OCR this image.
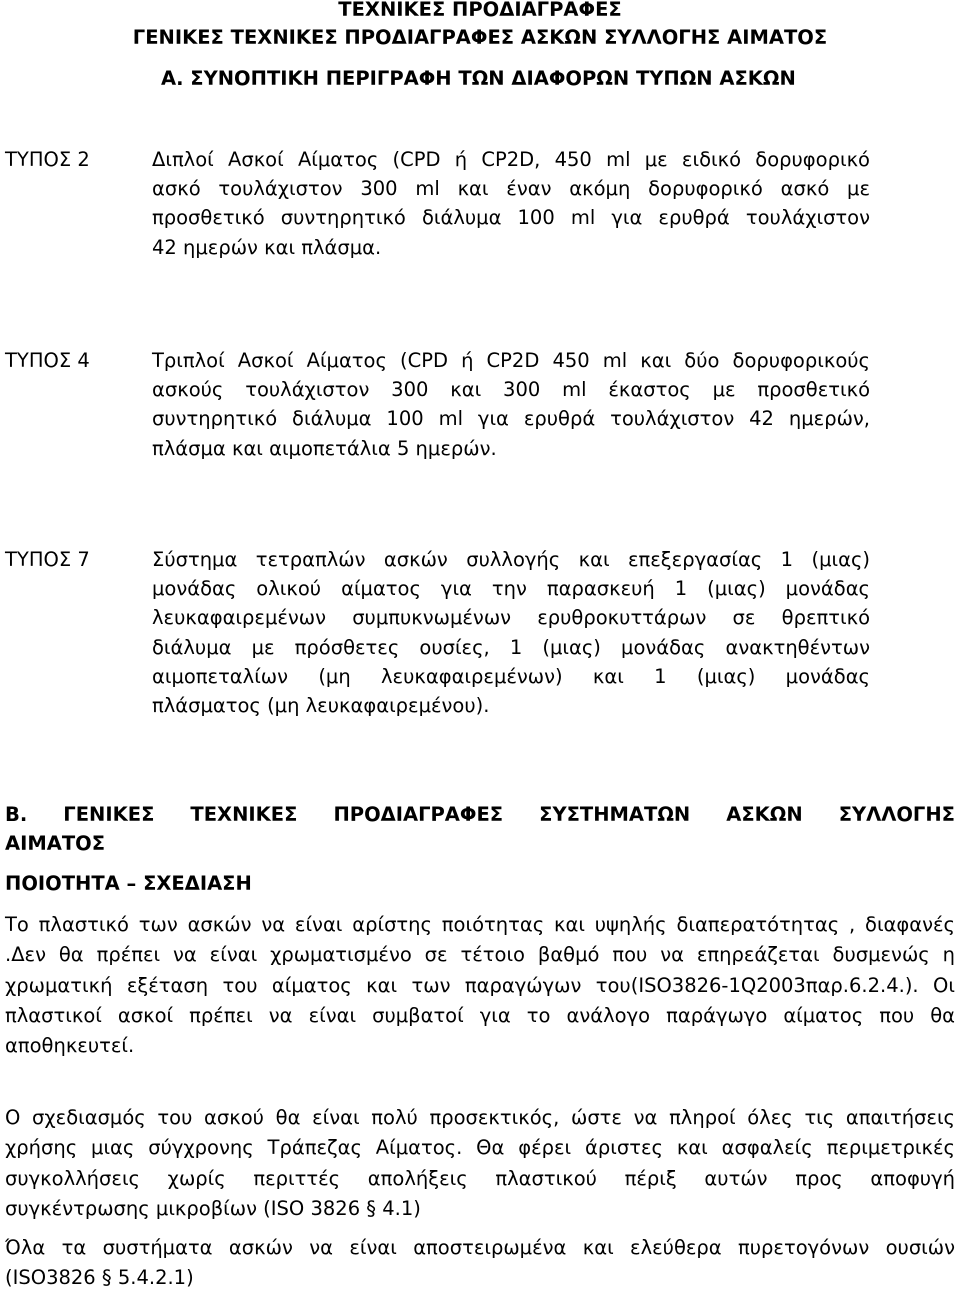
ΤΕΧΝΙΚΕΣ ΠΡΟΔΙΑΓΡΑΦΕΣ
ΓΕΝΙΚΕΣ ΤΕΧΝΙΚΕΣ ΠΡΟΔΙΑΓΡΑΦΕΣ ΑΣΚΩΝ ΣΥΛΛΟΓΗΣ ΑΙΜΑΤΟΣ
Α. ΣΥΝΟΠΤΙΚΗ ΠΕΡΙΓΡΑΦΗ ΤΩΝ ΔΙΑΦΟΡΩΝ ΤΥΠΩΝ ΑΣΚΩΝ
ΤΥΠΟΣ 2	Διπλοί Ασκοί Αίματος (CPD ή CP2D, 450 ml με ειδικό δορυφορικό
ασκό τουλάχιστον 300 ml και έναν ακόμη δορυφορικό ασκό με
προσθετικό συντηρητικό διάλυμα 100 ml για ερυθρά τουλάχιστον
42 ημερών και πλάσμα.
ΤΥΠΟΣ 4	Τριπλοί Ασκοί Αίματος (CPD ή CP2D 450 ml και δύο δορυφορικούς
ασκούς τουλάχιστον 300 και 300 ml έκαστος με προσθετικό
συντηρητικό διάλυμα 100 ml για ερυθρά τουλάχιστον 42 ημερών,
πλάσμα και αιμοπετάλια 5 ημερών.
ΤΥΠΟΣ 7	Σύστημα τετραπλών ασκών συλλογής και επεξεργασίας 1 (μιας)
μονάδας ολικού αίματος για την παρασκευή 1 (μιας) μονάδας
λευκαφαιρεμένων συμπυκνωμένων ερυθροκυττάρων σε θρεπτικό
διάλυμα με πρόσθετες ουσίες, 1 (μιας) μονάδας ανακτηθέντων
αιμοπεταλίων (μη λευκαφαιρεμένων) και 1 (μιας) μονάδας
πλάσματος (μη λευκαφαιρεμένου).
Β. ΓΕΝΙΚΕΣ ΤΕΧΝΙΚΕΣ ΠΡΟΔΙΑΓΡΑΦΕΣ ΣΥΣΤΗΜΑΤΩΝ ΑΣΚΩΝ ΣΥΛΛΟΓΗΣ
ΑΙΜΑΤΟΣ
ΠΟΙΟΤΗΤΑ – ΣΧΕΔΙΑΣΗ
Το πλαστικό των ασκών να είναι αρίστης ποιότητας και υψηλής διαπερατότητας , διαφανές
.Δεν θα πρέπει να είναι χρωματισμένο σε τέτοιο βαθμό που να επηρεάζεται δυσμενώς η
χρωματική εξέταση του αίματος και των παραγώγων του(ISO3826-1Q2003παρ.6.2.4.). Οι
πλαστικοί ασκοί πρέπει να είναι συμβατοί για το ανάλογο παράγωγο αίματος που θα
αποθηκευτεί.
Ο σχεδιασμός του ασκού θα είναι πολύ προσεκτικός, ώστε να πληροί όλες τις απαιτήσεις
χρήσης μιας σύγχρονης Τράπεζας Αίματος. Θα φέρει άριστες και ασφαλείς περιμετρικές
συγκολλήσεις χωρίς περιττές απολήξεις πλαστικού πέριξ αυτών προς αποφυγή
συγκέντρωσης μικροβίων (ISO 3826 § 4.1)
Όλα τα συστήματα ασκών να είναι αποστειρωμένα και ελεύθερα πυρετογόνων ουσιών
(ISO3826 § 5.4.2.1)
